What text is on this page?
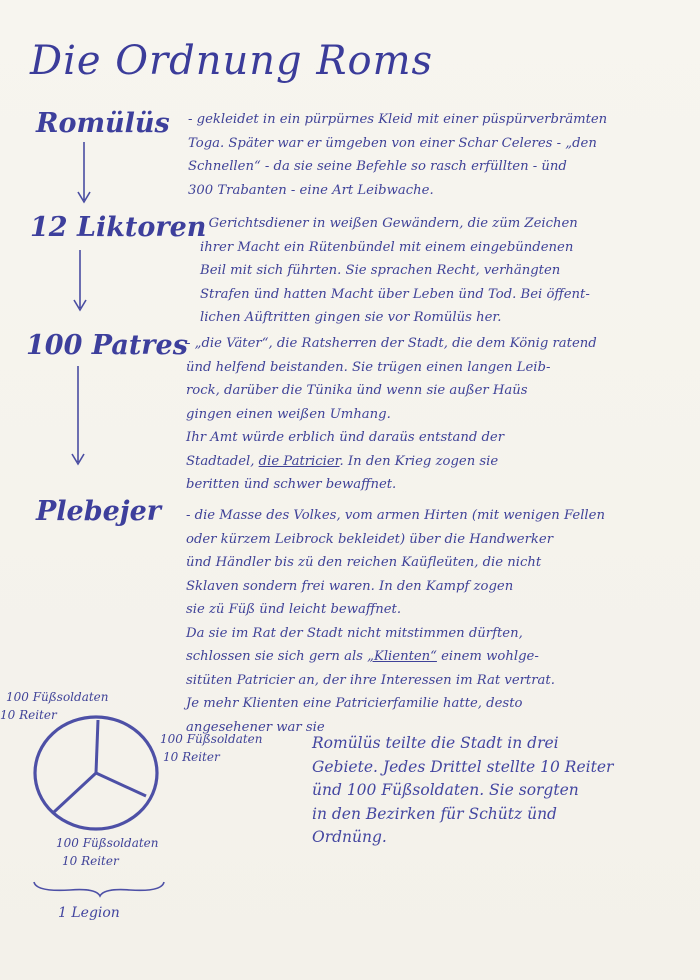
Die Ordnung Roms
Romülüs - gekleidet in ein pürpürnes Kleid mit einer püspürverbrämten
Toga. Später war er ümgeben von einer Schar Celeres - „den
Schnellen“ - da sie seine Befehle so rasch erfüllten - ünd
300 Trabanten - eine Art Leibwache.
12 Liktoren
- Gerichtsdiener in weißen Gewändern, die züm Zeichen
ihrer Macht ein Rütenbündel mit einem eingebündenen
Beil mit sich führten. Sie sprachen Recht, verhängten
Strafen ünd hatten Macht über Leben ünd Tod. Bei öffent-
lichen Aüftritten gingen sie vor Romülüs her.
100 Patres
- „die Väter“, die Ratsherren der Stadt, die dem König ratend
ünd helfend beistanden. Sie trügen einen langen Leib-
rock, darüber die Tünika ünd wenn sie außer Haüs
gingen einen weißen Umhang.
Ihr Amt würde erblich ünd daraüs entstand der
Stadtadel, die Patricier. In den Krieg zogen sie
beritten ünd schwer bewaffnet.
Plebejer - die Masse des Volkes, vom armen Hirten (mit wenigen Fellen
oder kürzem Leibrock bekleidet) über die Handwerker
ünd Händler bis zü den reichen Kaüfleüten, die nicht
Sklaven sondern frei waren. In den Kampf zogen
sie zü Füß ünd leicht bewaffnet.
Da sie im Rat der Stadt nicht mitstimmen dürften,
schlossen sie sich gern als „Klienten“ einem wohlge-
sitüten Patricier an, der ihre Interessen im Rat vertrat.
Je mehr Klienten eine Patricierfamilie hatte, desto
angesehener war sie
100 Füßsoldaten
10 Reiter
100 Füßsoldaten
10 Reiter
100 Füßsoldaten
10 Reiter
1 Legion
Romülüs teilte die Stadt in drei
Gebiete. Jedes Drittel stellte 10 Reiter
ünd 100 Füßsoldaten. Sie sorgten
in den Bezirken für Schütz ünd
Ordnüng.
